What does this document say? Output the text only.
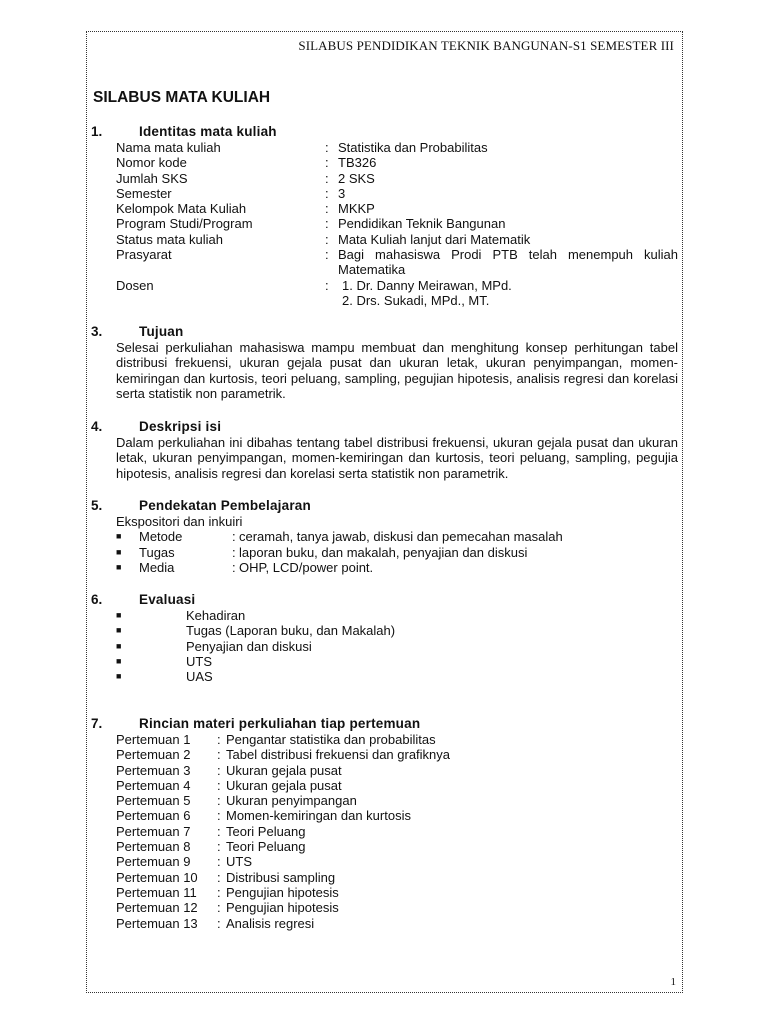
SILABUS PENDIDIKAN TEKNIK BANGUNAN-S1 SEMESTER III
SILABUS MATA KULIAH
1.	Identitas mata kuliah
Nama mata kuliah	: Statistika dan Probabilitas
Nomor kode	: TB326
Jumlah SKS	: 2 SKS
Semester	: 3
Kelompok Mata Kuliah	: MKKP
Program Studi/Program	: Pendidikan Teknik Bangunan
Status mata kuliah	: Mata Kuliah lanjut dari Matematik
Prasyarat	: Bagi mahasiswa Prodi PTB telah menempuh kuliah Matematika
Dosen	: 1. Dr. Danny Meirawan, MPd.
2. Drs. Sukadi, MPd., MT.
3.	Tujuan
Selesai perkuliahan mahasiswa mampu membuat dan menghitung konsep perhitungan tabel distribusi frekuensi, ukuran gejala pusat dan ukuran letak, ukuran penyimpangan, momen-kemiringan dan kurtosis, teori peluang, sampling, pegujian hipotesis, analisis regresi dan korelasi serta statistik non parametrik.
4.	Deskripsi isi
Dalam perkuliahan ini dibahas tentang tabel distribusi frekuensi, ukuran gejala pusat dan ukuran letak, ukuran penyimpangan, momen-kemiringan dan kurtosis, teori peluang, sampling, pegujia hipotesis, analisis regresi dan korelasi serta statistik non parametrik.
5.	Pendekatan Pembelajaran
Ekspositori dan inkuiri
■ Metode	: ceramah, tanya jawab, diskusi dan pemecahan masalah
■ Tugas	: laporan buku, dan makalah, penyajian dan diskusi
■ Media	: OHP, LCD/power point.
6.	Evaluasi
■	Kehadiran
■	Tugas (Laporan buku, dan Makalah)
■	Penyajian dan diskusi
■	UTS
■	UAS
7.	Rincian materi perkuliahan tiap pertemuan
Pertemuan 1 : Pengantar statistika dan probabilitas
Pertemuan 2 : Tabel distribusi frekuensi dan grafiknya
Pertemuan 3 : Ukuran gejala pusat
Pertemuan 4 : Ukuran gejala pusat
Pertemuan 5 : Ukuran penyimpangan
Pertemuan 6 : Momen-kemiringan dan kurtosis
Pertemuan 7 : Teori Peluang
Pertemuan 8 : Teori Peluang
Pertemuan 9 : UTS
Pertemuan 10 : Distribusi sampling
Pertemuan 11 : Pengujian hipotesis
Pertemuan 12 : Pengujian hipotesis
Pertemuan 13 : Analisis regresi
1
